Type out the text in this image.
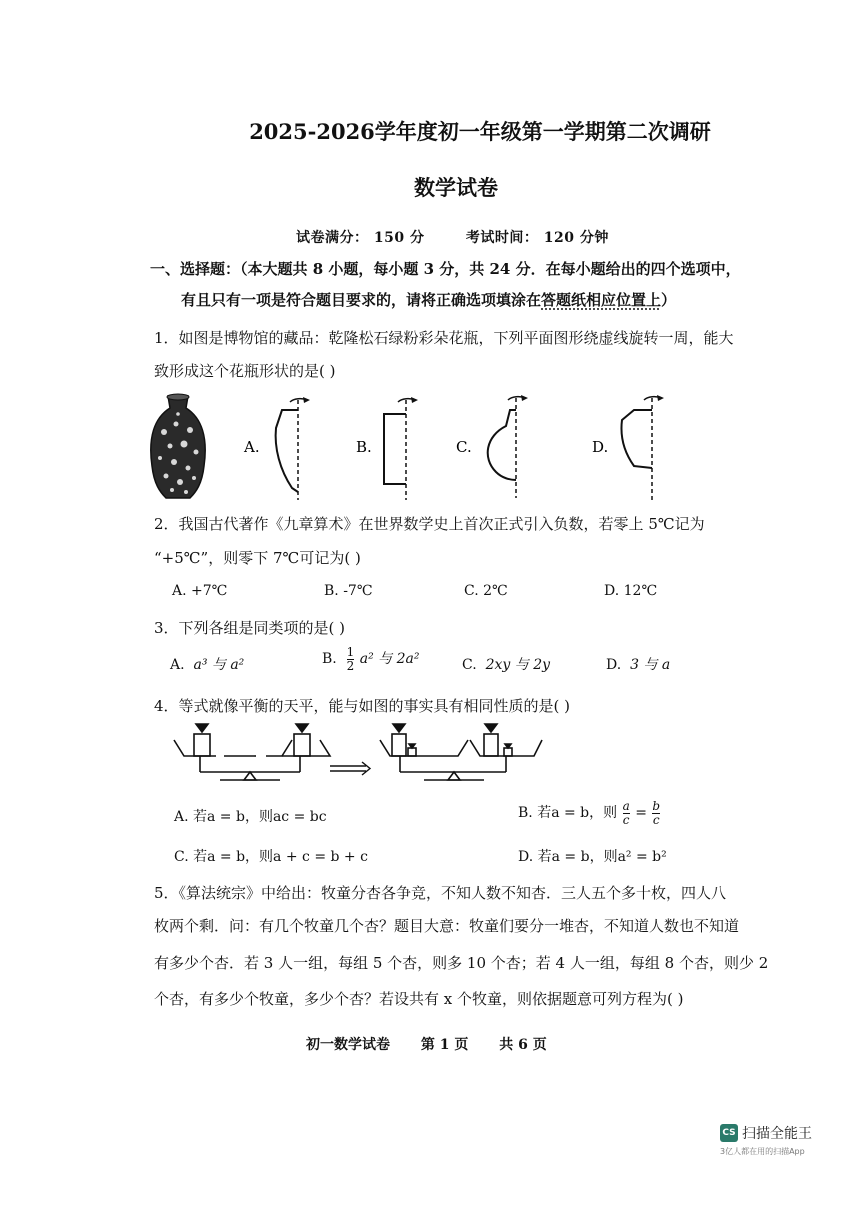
2025-2026学年度初一年级第一学期第二次调研
数学试卷
试卷满分： 150 分	考试时间： 120 分钟
一、选择题：（本大题共 8 小题，每小题 3 分，共 24 分．在每小题给出的四个选项中，
有且只有一项是符合题目要求的，请将正确选项填涂在答题纸相应位置上）
1．如图是博物馆的藏品：乾隆松石绿粉彩朵花瓶，下列平面图形绕虚线旋转一周，能大
致形成这个花瓶形状的是( )
A.	B.	C.	D.
2．我国古代著作《九章算术》在世界数学史上首次正式引入负数，若零上 5℃记为
“+5℃”，则零下 7℃可记为( )
A. +7℃	B. -7℃	C. 2℃	D. 12℃
3．下列各组是同类项的是( )
A. a³ 与 a²	B. $\frac{1}{2} a^2$ 与 2a²	C. 2xy 与 2y	D. 3 与 a
4．等式就像平衡的天平，能与如图的事实具有相同性质的是( )
A. 若a = b，则ac = bc	B. 若a = b，则 $\frac{a}{c} = \frac{b}{c}$
C. 若a = b，则a + c = b + c	D. 若a = b，则a² = b²
5．《算法统宗》中给出：牧童分杏各争竞，不知人数不知杏．三人五个多十枚，四人八
枚两个剩．问：有几个牧童几个杏？题目大意：牧童们要分一堆杏，不知道人数也不知道
有多少个杏．若 3 人一组，每组 5 个杏，则多 10 个杏；若 4 人一组，每组 8 个杏，则少 2
个杏，有多少个牧童，多少个杏？若设共有 x 个牧童，则依据题意可列方程为( )
初一数学试卷 第 1 页 共 6 页
CS 扫描全能王
3亿人都在用的扫描App
